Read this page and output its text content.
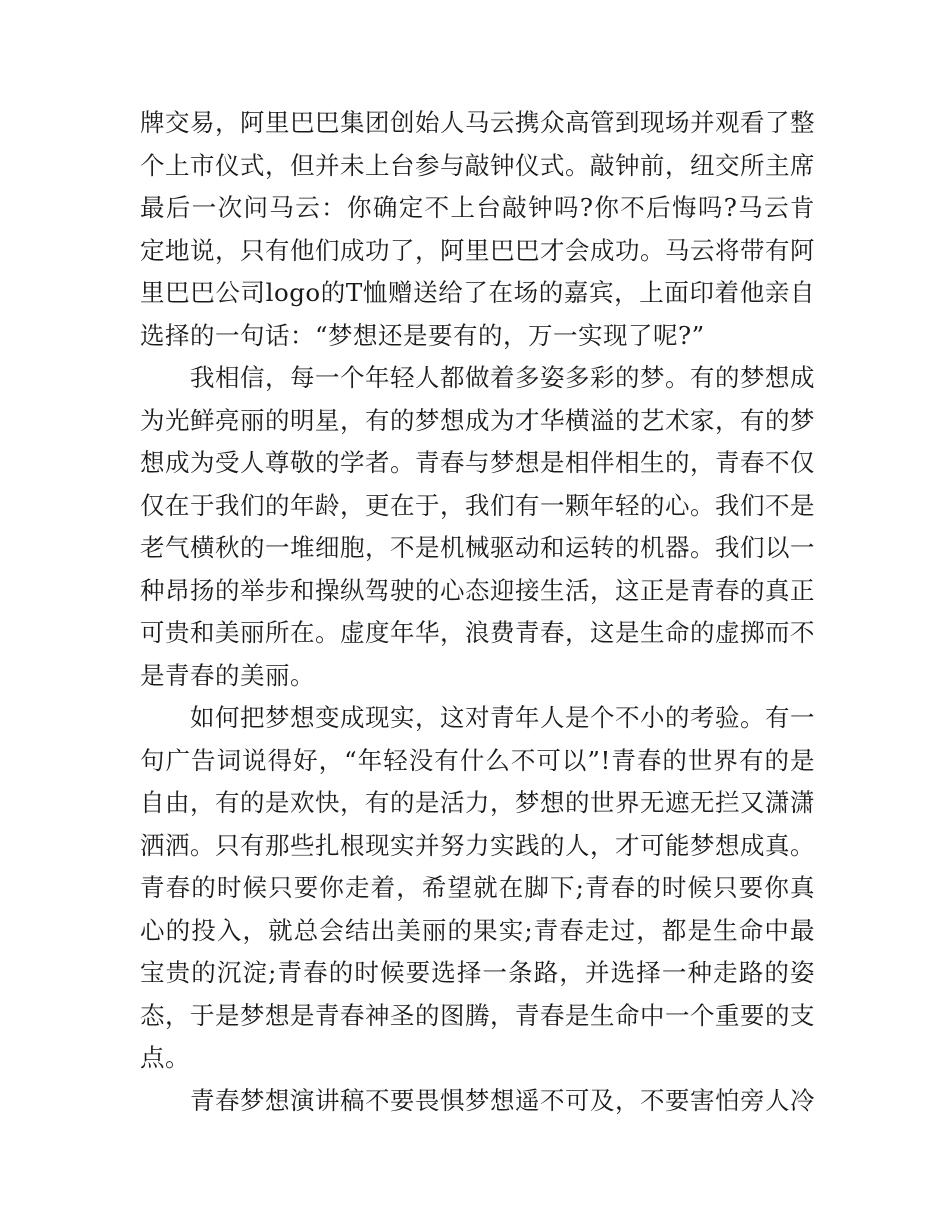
牌交易，阿里巴巴集团创始人马云携众高管到现场并观看了整个上市仪式，但并未上台参与敲钟仪式。敲钟前，纽交所主席最后一次问马云：你确定不上台敲钟吗?你不后悔吗?马云肯定地说，只有他们成功了，阿里巴巴才会成功。马云将带有阿里巴巴公司logo的T恤赠送给了在场的嘉宾，上面印着他亲自选择的一句话：“梦想还是要有的，万一实现了呢?”

我相信，每一个年轻人都做着多姿多彩的梦。有的梦想成为光鲜亮丽的明星，有的梦想成为才华横溢的艺术家，有的梦想成为受人尊敬的学者。青春与梦想是相伴相生的，青春不仅仅在于我们的年龄，更在于，我们有一颗年轻的心。我们不是老气横秋的一堆细胞，不是机械驱动和运转的机器。我们以一种昂扬的举步和操纵驾驶的心态迎接生活，这正是青春的真正可贵和美丽所在。虚度年华，浪费青春，这是生命的虚掷而不是青春的美丽。

如何把梦想变成现实，这对青年人是个不小的考验。有一句广告词说得好，“年轻没有什么不可以”!青春的世界有的是自由，有的是欢快，有的是活力，梦想的世界无遮无拦又潇潇洒洒。只有那些扎根现实并努力实践的人，才可能梦想成真。青春的时候只要你走着，希望就在脚下;青春的时候只要你真心的投入，就总会结出美丽的果实;青春走过，都是生命中最宝贵的沉淀;青春的时候要选择一条路，并选择一种走路的姿态，于是梦想是青春神圣的图腾，青春是生命中一个重要的支点。

青春梦想演讲稿不要畏惧梦想遥不可及，不要害怕旁人冷
